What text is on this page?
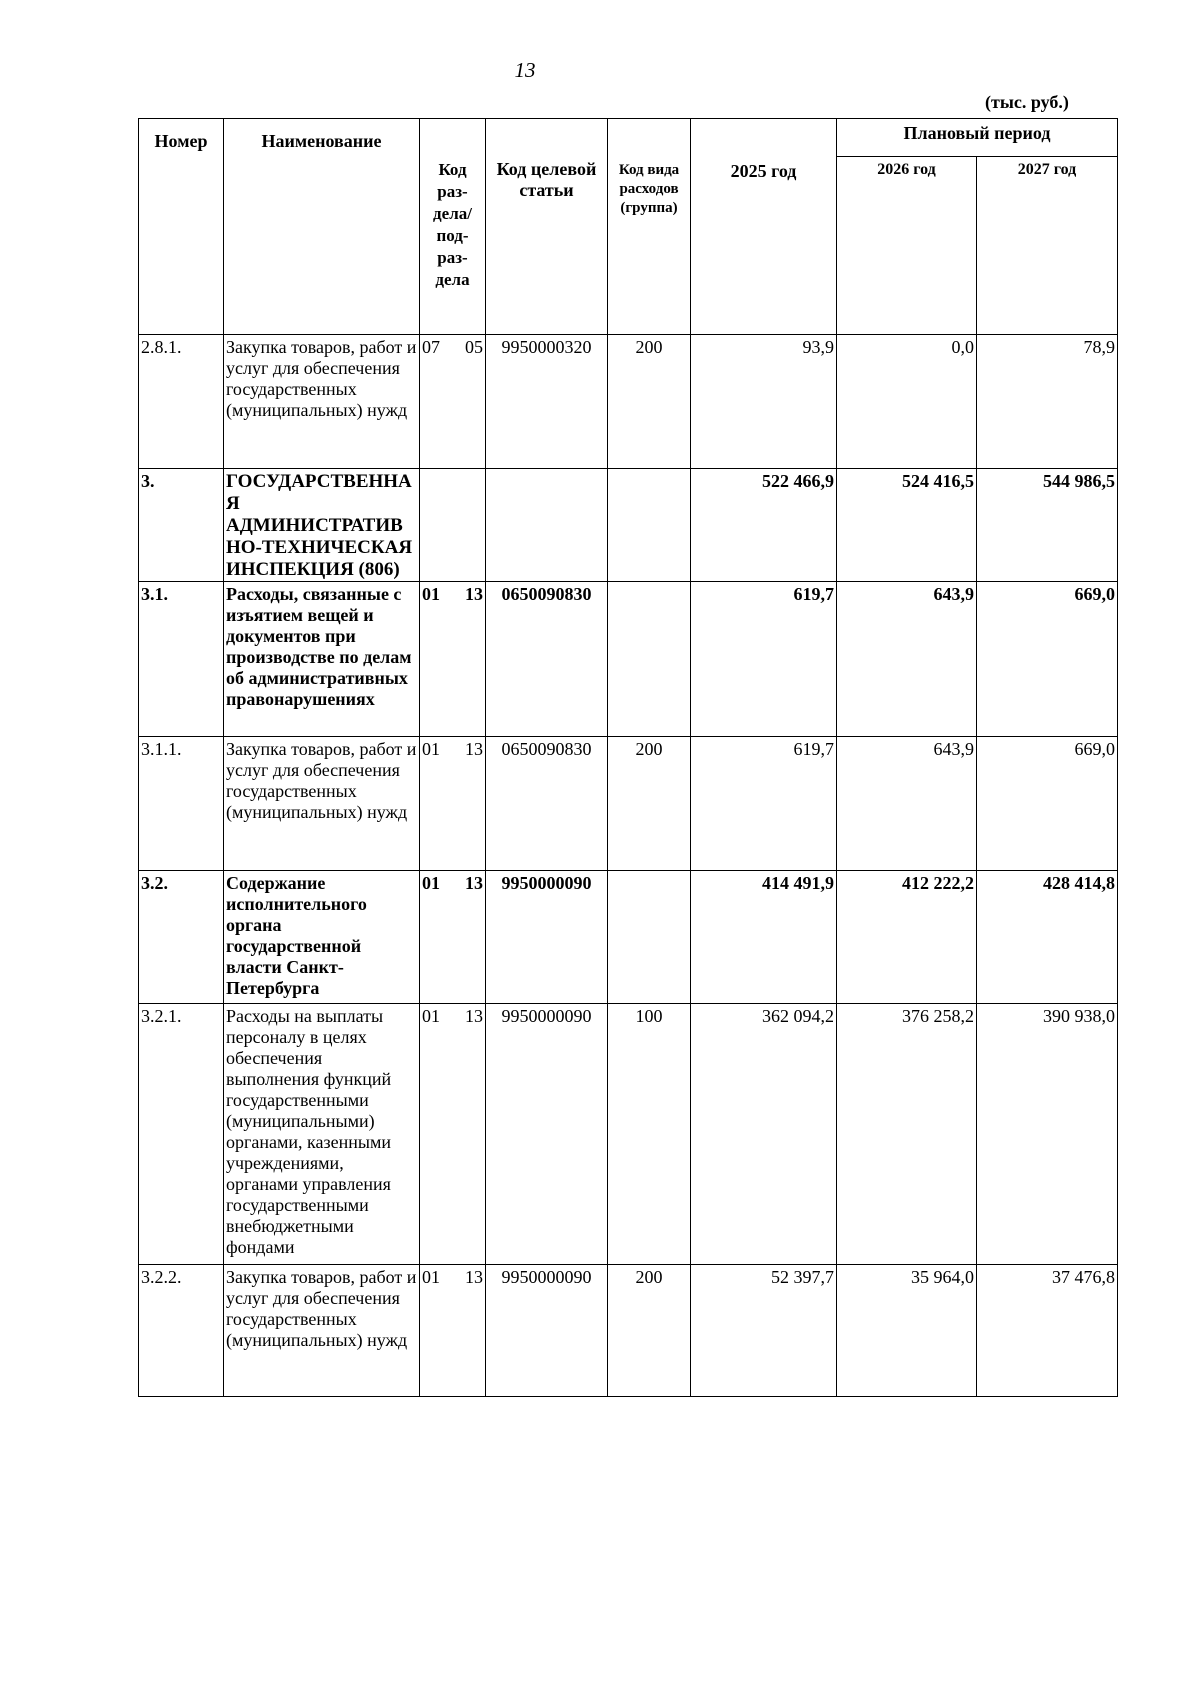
13
(тыс. руб.)
Номер	Наименование	Код раз-дела/ под-раз-дела	Код целевой статьи	Код вида расходов (группа)	2025 год	Плановый период	
						2026 год	2027 год
2.8.1.	Закупка товаров, работ и услуг для обеспечения государственных (муниципальных) нужд	07 05	9950000320	200	93,9	0,0	78,9
3.	ГОСУДАРСТВЕННАЯ АДМИНИСТРАТИВНО-ТЕХНИЧЕСКАЯ ИНСПЕКЦИЯ (806)				522 466,9	524 416,5	544 986,5
3.1.	Расходы, связанные с изъятием вещей и документов при производстве по делам об административных правонарушениях	01 13	0650090830		619,7	643,9	669,0
3.1.1.	Закупка товаров, работ и услуг для обеспечения государственных (муниципальных) нужд	01 13	0650090830	200	619,7	643,9	669,0
3.2.	Содержание исполнительного органа государственной власти Санкт-Петербурга	01 13	9950000090		414 491,9	412 222,2	428 414,8
3.2.1.	Расходы на выплаты персоналу в целях обеспечения выполнения функций государственными (муниципальными) органами, казенными учреждениями, органами управления государственными внебюджетными фондами	01 13	9950000090	100	362 094,2	376 258,2	390 938,0
3.2.2.	Закупка товаров, работ и услуг для обеспечения государственных (муниципальных) нужд	01 13	9950000090	200	52 397,7	35 964,0	37 476,8
